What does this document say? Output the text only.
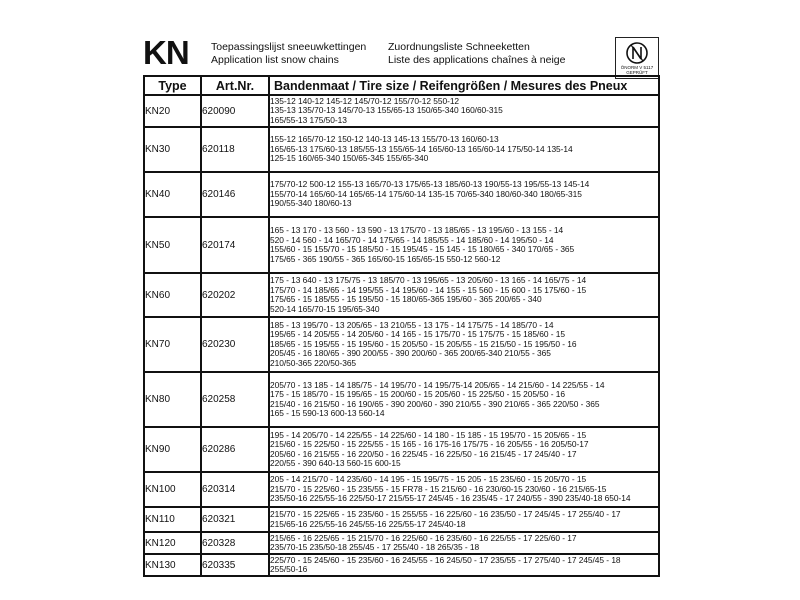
KN Toepassingslijst sneeuwkettingen
Application list snow chains
Zuordnungsliste Schneeketten
Liste des applications chaînes à neige
ÖNORM V 5117
GEPRÜFT
Type	Art.Nr.	Bandenmaat / Tire size / Reifengrößen / Mesures des Pneux
KN20	620090	135-12 140-12 145-12 145/70-12 155/70-12 550-12
135-13 135/70-13 145/70-13 155/65-13 150/65-340 160/60-315
165/55-13 175/50-13

KN30	620118	155-12 165/70-12 150-12 140-13 145-13 155/70-13 160/60-13
165/65-13 175/60-13 185/55-13 155/65-14 165/60-13 165/60-14 175/50-14 135-14
125-15 160/65-340 150/65-345 155/65-340

KN40	620146	175/70-12 500-12 155-13 165/70-13 175/65-13 185/60-13 190/55-13 195/55-13 145-14
155/70-14 165/60-14 165/65-14 175/60-14 135-15 70/65-340 180/60-340 180/65-315
190/55-340 180/60-13

KN50	620174	165 - 13 170 - 13 560 - 13 590 - 13 175/70 - 13 185/65 - 13 195/60 - 13 155 - 14
520 - 14 560 - 14 165/70 - 14 175/65 - 14 185/55 - 14 185/60 - 14 195/50 - 14
155/60 - 15 155/70 - 15 185/50 - 15 195/45 - 15 145 - 15 180/65 - 340 170/65 - 365
175/65 - 365 190/55 - 365 165/60-15 165/65-15 550-12 560-12

KN60	620202	175 - 13 640 - 13 175/75 - 13 185/70 - 13 195/65 - 13 205/60 - 13 165 - 14 165/75 - 14
175/70 - 14 185/65 - 14 195/55 - 14 195/60 - 14 155 - 15 560 - 15 600 - 15 175/60 - 15
175/65 - 15 185/55 - 15 195/50 - 15 180/65-365 195/60 - 365 200/65 - 340
520-14 165/70-15 195/65-340

KN70	620230	185 - 13 195/70 - 13 205/65 - 13 210/55 - 13 175 - 14 175/75 - 14 185/70 - 14
195/65 - 14 205/55 - 14 205/60 - 14 165 - 15 175/70 - 15 175/75 - 15 185/60 - 15
185/65 - 15 195/55 - 15 195/60 - 15 205/50 - 15 205/55 - 15 215/50 - 15 195/50 - 16
205/45 - 16 180/65 - 390 200/55 - 390 200/60 - 365 200/65-340 210/55 - 365
210/50-365 220/50-365

KN80	620258	205/70 - 13 185 - 14 185/75 - 14 195/70 - 14 195/75-14 205/65 - 14 215/60 - 14 225/55 - 14
175 - 15 185/70 - 15 195/65 - 15 200/60 - 15 205/60 - 15 225/50 - 15 205/50 - 16
215/40 - 16 215/50 - 16 190/65 - 390 200/60 - 390 210/55 - 390 210/65 - 365 220/50 - 365
165 - 15 590-13 600-13 560-14

KN90	620286	195 - 14 205/70 - 14 225/55 - 14 225/60 - 14 180 - 15 185 - 15 195/70 - 15 205/65 - 15
215/60 - 15 225/50 - 15 225/55 - 15 165 - 16 175-16 175/75 - 16 205/55 - 16 205/50-17
205/60 - 16 215/55 - 16 220/50 - 16 225/45 - 16 225/50 - 16 215/45 - 17 245/40 - 17
220/55 - 390 640-13 560-15 600-15

KN100	620314	205 - 14 215/70 - 14 235/60 - 14 195 - 15 195/75 - 15 205 - 15 235/60 - 15 205/70 - 15
215/70 - 15 225/60 - 15 235/55 - 15 FR78 - 15 215/60 - 16 230/60-15 230/60 - 16 215/65-15
235/50-16 225/55-16 225/50-17 215/55-17 245/45 - 16 235/45 - 17 240/55 - 390 235/40-18 650-14

KN110	620321	215/70 - 15 225/65 - 15 235/60 - 15 255/55 - 16 225/60 - 16 235/50 - 17 245/45 - 17 255/40 - 17
215/65-16 225/55-16 245/55-16 225/55-17 245/40-18

KN120	620328	215/65 - 16 225/65 - 15 215/70 - 16 225/60 - 16 235/60 - 16 225/55 - 17 225/60 - 17
235/70-15 235/50-18 255/45 - 17 255/40 - 18 265/35 - 18

KN130	620335	225/70 - 15 245/60 - 15 235/60 - 16 245/55 - 16 245/50 - 17 235/55 - 17 275/40 - 17 245/45 - 18
255/50-16
